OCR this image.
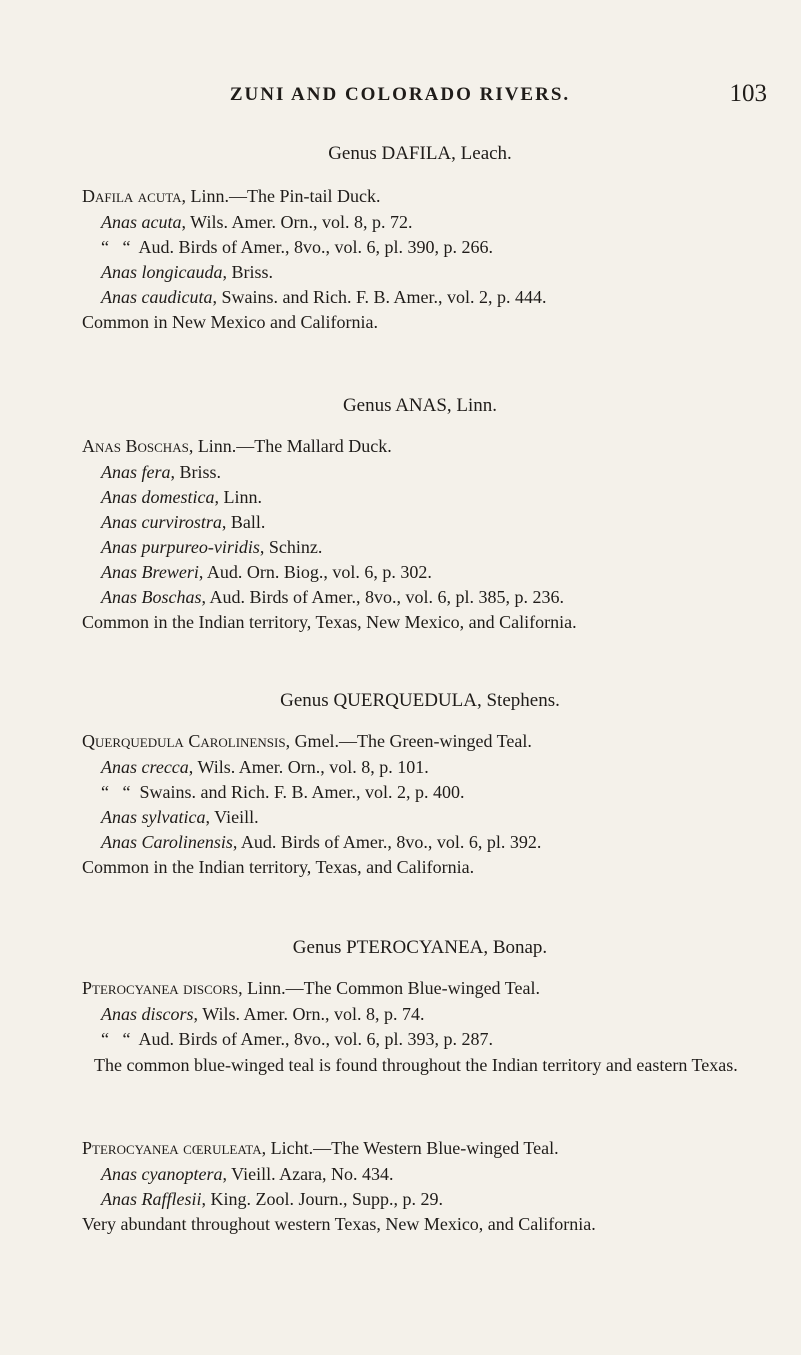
ZUNI AND COLORADO RIVERS.	103
Genus DAFILA, Leach.
Dafila acuta, Linn.—The Pin-tail Duck.
Anas acuta, Wils. Amer. Orn., vol. 8, p. 72.
“   “  Aud. Birds of Amer., 8vo., vol. 6, pl. 390, p. 266.
Anas longicauda, Briss.
Anas caudicuta, Swains. and Rich. F. B. Amer., vol. 2, p. 444.
Common in New Mexico and California.
Genus ANAS, Linn.
Anas Boschas, Linn.—The Mallard Duck.
Anas fera, Briss.
Anas domestica, Linn.
Anas curvirostra, Ball.
Anas purpureo-viridis, Schinz.
Anas Breweri, Aud. Orn. Biog., vol. 6, p. 302.
Anas Boschas, Aud. Birds of Amer., 8vo., vol. 6, pl. 385, p. 236.
Common in the Indian territory, Texas, New Mexico, and California.
Genus QUERQUEDULA, Stephens.
Querquedula Carolinensis, Gmel.—The Green-winged Teal.
Anas crecca, Wils. Amer. Orn., vol. 8, p. 101.
“   “  Swains. and Rich. F. B. Amer., vol. 2, p. 400.
Anas sylvatica, Vieill.
Anas Carolinensis, Aud. Birds of Amer., 8vo., vol. 6, pl. 392.
Common in the Indian territory, Texas, and California.
Genus PTEROCYANEA, Bonap.
Pterocyanea discors, Linn.—The Common Blue-winged Teal.
Anas discors, Wils. Amer. Orn., vol. 8, p. 74.
“   “  Aud. Birds of Amer., 8vo., vol. 6, pl. 393, p. 287.
The common blue-winged teal is found throughout the Indian territory and eastern Texas.
Pterocyanea cœruleata, Licht.—The Western Blue-winged Teal.
Anas cyanoptera, Vieill. Azara, No. 434.
Anas Rafflesii, King. Zool. Journ., Supp., p. 29.
Very abundant throughout western Texas, New Mexico, and California.
